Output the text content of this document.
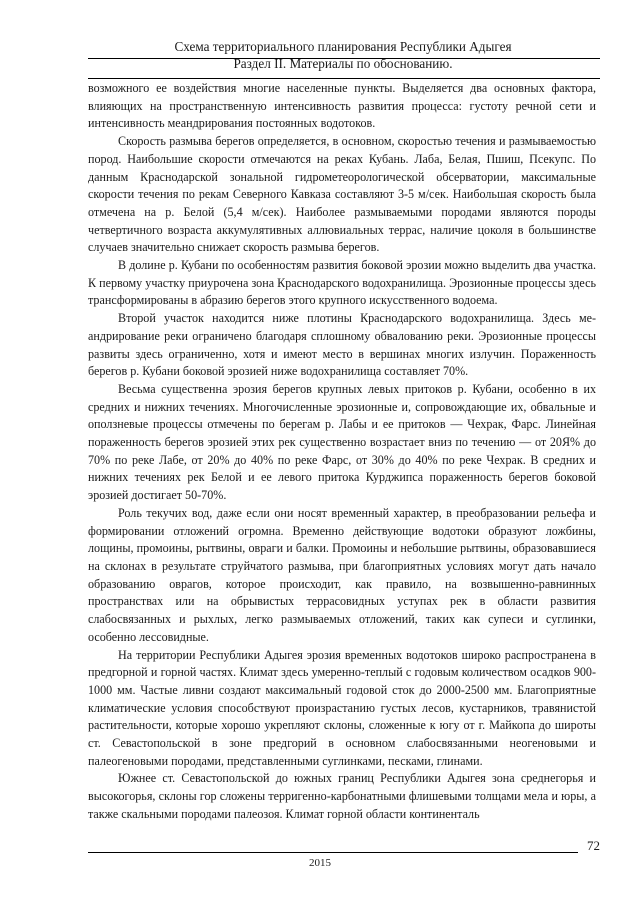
Схема территориального планирования Республики Адыгея
Раздел II. Материалы по обоснованию.

возможного ее воздействия многие населенные пункты. Выделяется два основных фактора, влияющих на пространственную интенсивность развития процесса: густоту речной сети и интенсивность меандрирования постоянных водотоков.

Скорость размыва берегов определяется, в основном, скоростью течения и размываемостью пород. Наибольшие скорости отмечаются на реках Кубань. Лаба, Белая, Пшиш, Псекупс. По данным Краснодарской зональной гидрометеорологической обсерватории, максимальные скорости течения по рекам Северного Кавказа составляют 3-5 м/сек. Наибольшая скорость была отмечена на р. Белой (5,4 м/сек). Наиболее размываемыми породами являются породы четвертичного возраста аккумулятивных аллювиальных террас, наличие цоколя в большинстве случаев значительно снижает скорость размыва берегов.

В долине р. Кубани по особенностям развития боковой эрозии можно выделить два участка. К первому участку приурочена зона Краснодарского водохранилища. Эрозионные процессы здесь трансформированы в абразию берегов этого крупного искусственного водоема.

Второй участок находится ниже плотины Краснодарского водохранилища. Здесь меандрирование реки ограничено благодаря сплошному обвалованию реки. Эрозионные процессы развиты здесь ограниченно, хотя и имеют место в вершинах многих излучин. Пораженность берегов р. Кубани боковой эрозией ниже водохранилища составляет 70%.

Весьма существенна эрозия берегов крупных левых притоков р. Кубани, особенно в их средних и нижних течениях. Многочисленные эрозионные и, сопровождающие их, обвальные и оползневые процессы отмечены по берегам р. Лабы и ее притоков — Чехрак, Фарс. Линейная пораженность берегов эрозией этих рек существенно возрастает вниз по течению — от 20Я% до 70% по реке Лабе, от 20% до 40% по реке Фарс, от 30% до 40% по реке Чехрак. В средних и нижних течениях рек Белой и ее левого притока Курджипса пораженность берегов боковой эрозией достигает 50-70%.

Роль текучих вод, даже если они носят временный характер, в преобразовании рельефа и формировании отложений огромна. Временно действующие водотоки образуют ложбины, лощины, промоины, рытвины, овраги и балки. Промоины и небольшие рытвины, образовавшиеся на склонах в результате струйчатого размыва, при благоприятных условиях могут дать начало образованию оврагов, которое происходит, как правило, на возвышенно-равнинных пространствах или на обрывистых террасовидных уступах рек в области развития слабосвязанных и рыхлых, легко размываемых отложений, таких как супеси и суглинки, особенно лессовидные.

На территории Республики Адыгея эрозия временных водотоков широко распространена в предгорной и горной частях. Климат здесь умеренно-теплый с годовым количеством осадков 900-1000 мм. Частые ливни создают максимальный годовой сток до 2000-2500 мм. Благоприятные климатические условия способствуют произрастанию густых лесов, кустарников, травянистой растительности, которые хорошо укрепляют склоны, сложенные к югу от г. Майкопа до широты ст. Севастопольской в зоне предгорий в основном слабосвязанными неогеновыми и палеогеновыми породами, представленными суглинками, песками, глинами.

Южнее ст. Севастопольской до южных границ Республики Адыгея зона среднегорья и высокогорья, склоны гор сложены терригенно-карбонатными флишевыми толщами мела и юры, а также скальными породами палеозоя. Климат горной области континенталь

72
2015
